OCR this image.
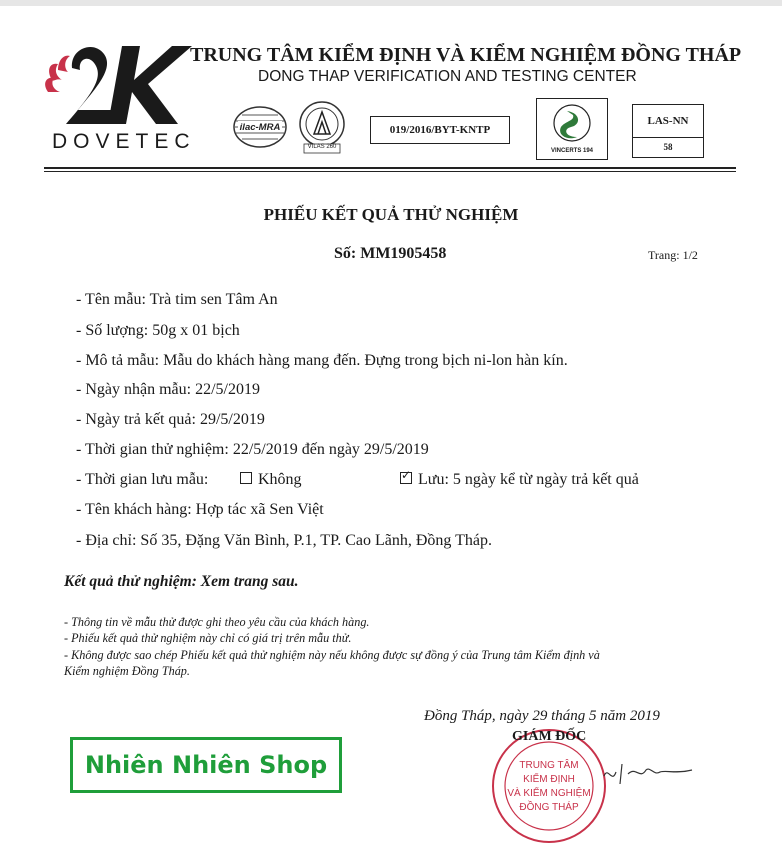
DOVETEC
TRUNG TÂM KIỂM ĐỊNH VÀ KIỂM NGHIỆM ĐỒNG THÁP
DONG THAP VERIFICATION AND TESTING CENTER
ilac-MRA
VILAS 260
019/2016/BYT-KNTP
VINCERTS 194
LAS-NN
58
PHIẾU KẾT QUẢ THỬ NGHIỆM
Số: MM1905458	Trang: 1/2
- Tên mẫu: Trà tim sen Tâm An
- Số lượng: 50g x 01 bịch
- Mô tả mẫu: Mẫu do khách hàng mang đến. Đựng trong bịch ni-lon hàn kín.
- Ngày nhận mẫu: 22/5/2019
- Ngày trả kết quả: 29/5/2019
- Thời gian thử nghiệm: 22/5/2019 đến ngày 29/5/2019
- Thời gian lưu mẫu:	Không
✓	Lưu: 5 ngày kể từ ngày trả kết quả
- Tên khách hàng: Hợp tác xã Sen Việt
- Địa chỉ: Số 35, Đặng Văn Bình, P.1, TP. Cao Lãnh, Đồng Tháp.
Kết quả thử nghiệm: Xem trang sau.
- Thông tin về mẫu thử được ghi theo yêu cầu của khách hàng.
- Phiếu kết quả thử nghiệm này chỉ có giá trị trên mẫu thử.
- Không được sao chép Phiếu kết quả thử nghiệm này nếu không được sự đồng ý của Trung tâm Kiểm định và
Kiểm nghiệm Đồng Tháp.
Đồng Tháp, ngày 29 tháng 5 năm 2019
TRUNG TÂM
KIỂM ĐỊNH
VÀ KIỂM NGHIỆM
ĐỒNG THÁP
GIÁM ĐỐC
Nhiên Nhiên Shop
